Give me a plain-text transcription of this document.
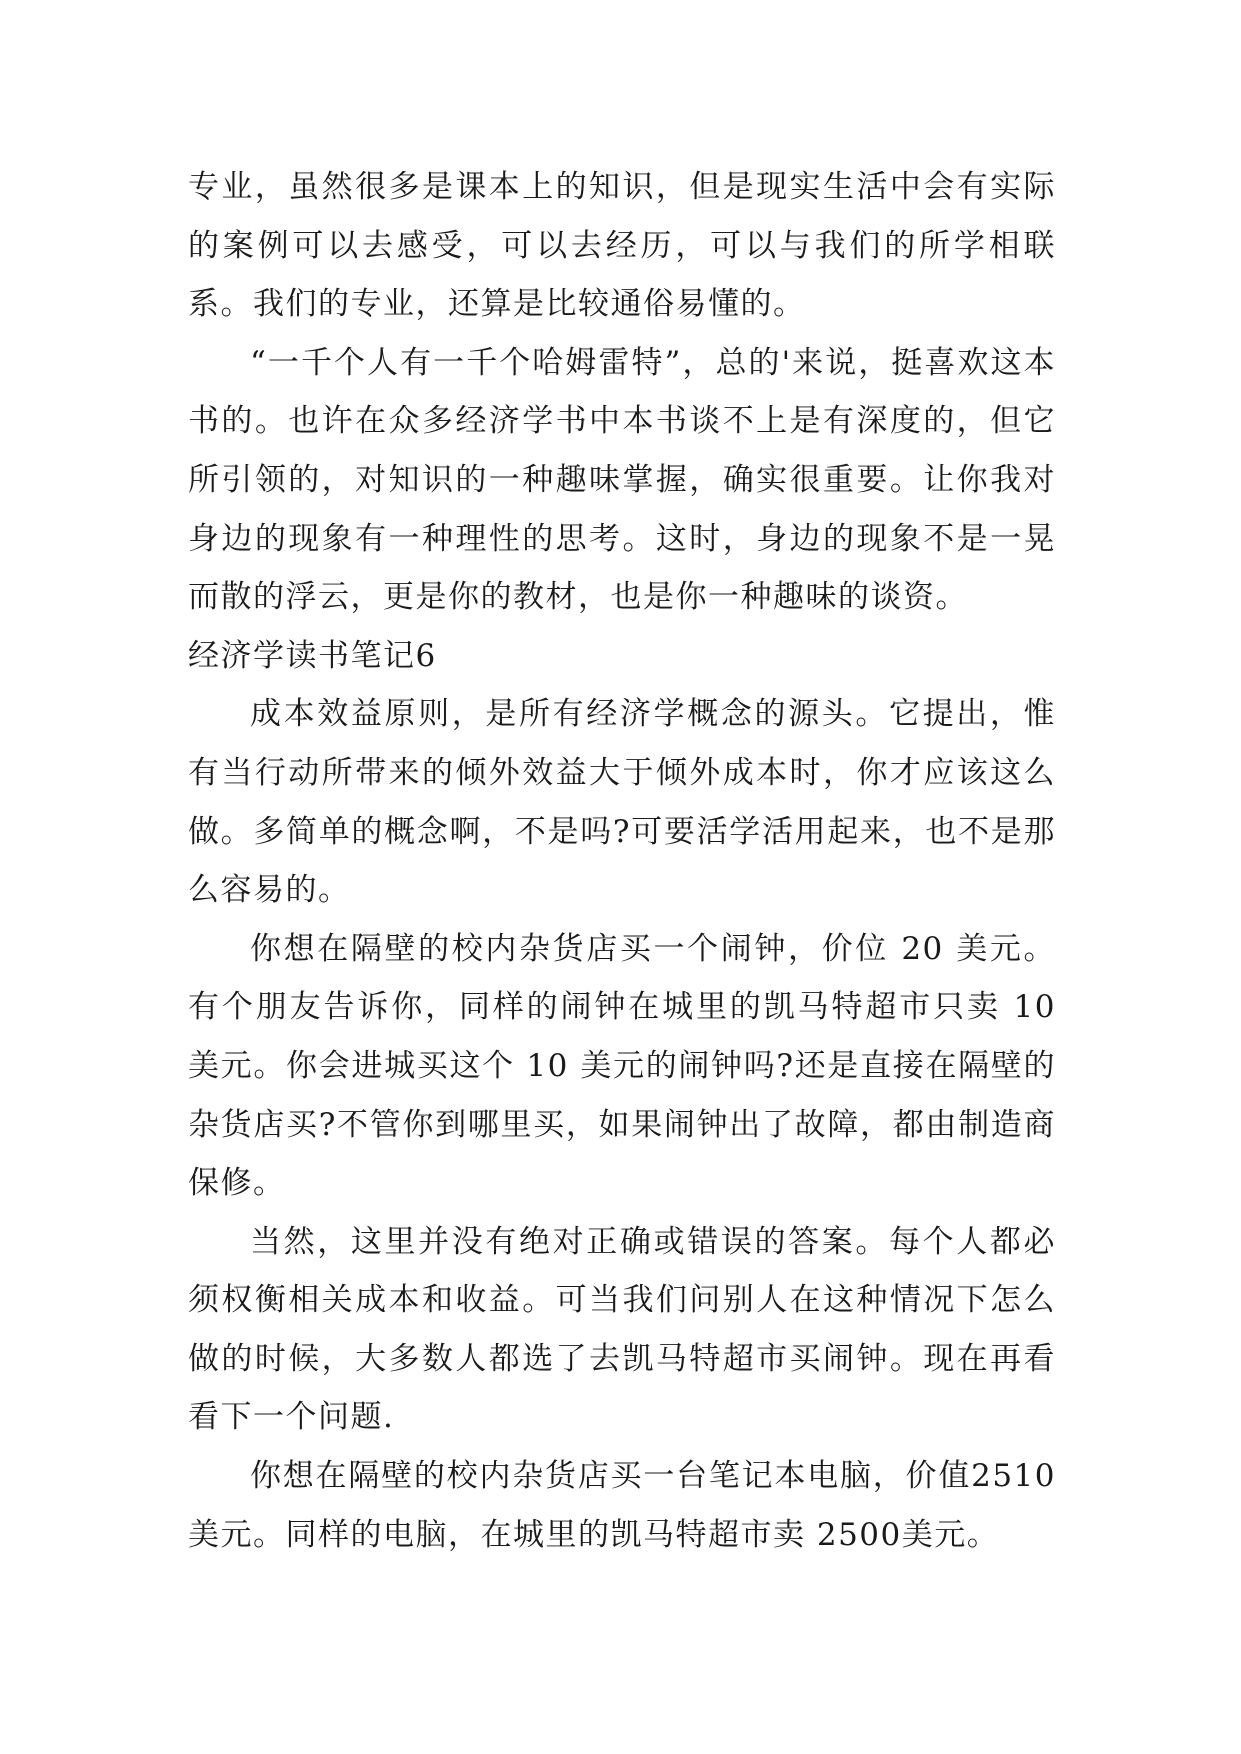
专业，虽然很多是课本上的知识，但是现实生活中会有实际的案例可以去感受，可以去经历，可以与我们的所学相联系。我们的专业，还算是比较通俗易懂的。

“一千个人有一千个哈姆雷特”，总的'来说，挺喜欢这本书的。也许在众多经济学书中本书谈不上是有深度的，但它所引领的，对知识的一种趣味掌握，确实很重要。让你我对身边的现象有一种理性的思考。这时，身边的现象不是一晃而散的浮云，更是你的教材，也是你一种趣味的谈资。

经济学读书笔记6

成本效益原则，是所有经济学概念的源头。它提出，惟有当行动所带来的倾外效益大于倾外成本时，你才应该这么做。多简单的概念啊，不是吗?可要活学活用起来，也不是那么容易的。

你想在隔壁的校内杂货店买一个闹钟，价位 20 美元。有个朋友告诉你，同样的闹钟在城里的凯马特超市只卖 10 美元。你会进城买这个 10 美元的闹钟吗?还是直接在隔壁的杂货店买?不管你到哪里买，如果闹钟出了故障，都由制造商保修。

当然，这里并没有绝对正确或错误的答案。每个人都必须权衡相关成本和收益。可当我们问别人在这种情况下怎么做的时候，大多数人都选了去凯马特超市买闹钟。现在再看看下一个问题.

你想在隔壁的校内杂货店买一台笔记本电脑，价值2510 美元。同样的电脑，在城里的凯马特超市卖 2500美元。
